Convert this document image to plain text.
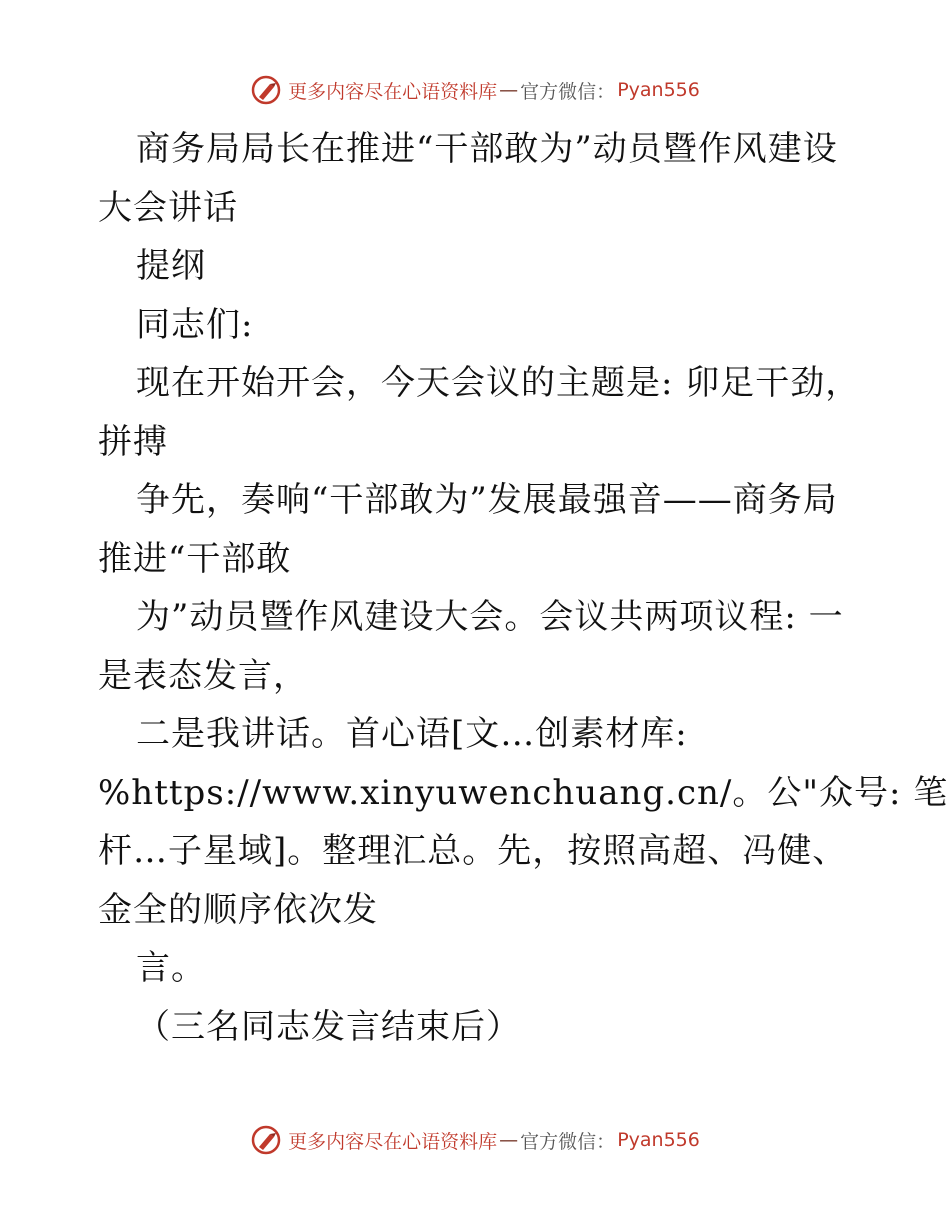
更多内容尽在心语资料库 — 官方微信： Pyan556

商务局局长在推进“干部敢为”动员暨作风建设

大会讲话

提纲

同志们:

现在开始开会，今天会议的主题是: 卯足干劲，

拼搏

争先，奏响“干部敢为”发展最强音——商务局

推进“干部敢

为”动员暨作风建设大会。会议共两项议程: 一

是表态发言，

二是我讲话。首心语[文…创素材库:

%https://www.xinyuwenchuang.cn/。公"众号: 笔

杆…子星域]。整理汇总。先，按照高超、冯健、

金全的顺序依次发

言。

（三名同志发言结束后）

更多内容尽在心语资料库 — 官方微信： Pyan556
